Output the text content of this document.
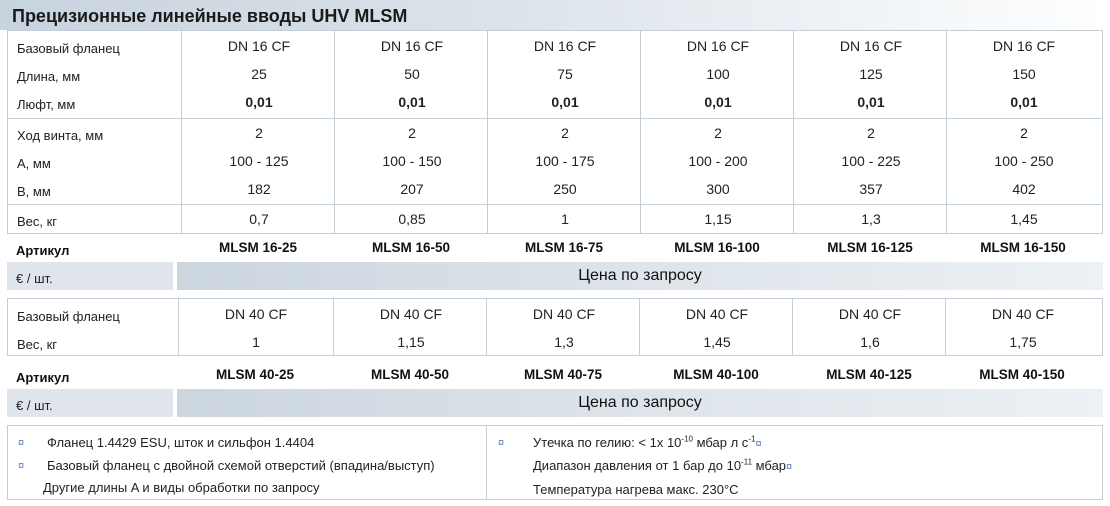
Прецизионные линейные вводы UHV MLSM
Базовый фланец	DN 16 CF	DN 16 CF	DN 16 CF	DN 16 CF	DN 16 CF	DN 16 CF
Длина, мм	25	50	75	100	125	150
Люфт, мм	0,01	0,01	0,01	0,01	0,01	0,01
Ход винта, мм	2	2	2	2	2	2
A, мм	100 - 125	100 - 150	100 - 175	100 - 200	100 - 225	100 - 250
B, мм	182	207	250	300	357	402
Вес, кг	0,7	0,85	1	1,15	1,3	1,45
Артикул	MLSM 16-25	MLSM 16-50	MLSM 16-75	MLSM 16-100	MLSM 16-125	MLSM 16-150
€ / шт.	Цена по запросу
Базовый фланец	DN 40 CF	DN 40 CF	DN 40 CF	DN 40 CF	DN 40 CF	DN 40 CF
Вес, кг	1	1,15	1,3	1,45	1,6	1,75
Артикул	MLSM 40-25	MLSM 40-50	MLSM 40-75	MLSM 40-100	MLSM 40-125	MLSM 40-150
€ / шт.	Цена по запросу
¤ Фланец 1.4429 ESU, шток и сильфон 1.4404
¤ Базовый фланец с двойной схемой отверстий (впадина/выступ)
Другие длины A и виды обработки по запросу
¤ Утечка по гелию: < 1x $10^{-10}$ мбар л $с^{-1}¤$
Диапазон давления от 1 бар до $10^{-11}$ мбар¤
Температура нагрева макс. 230°C
